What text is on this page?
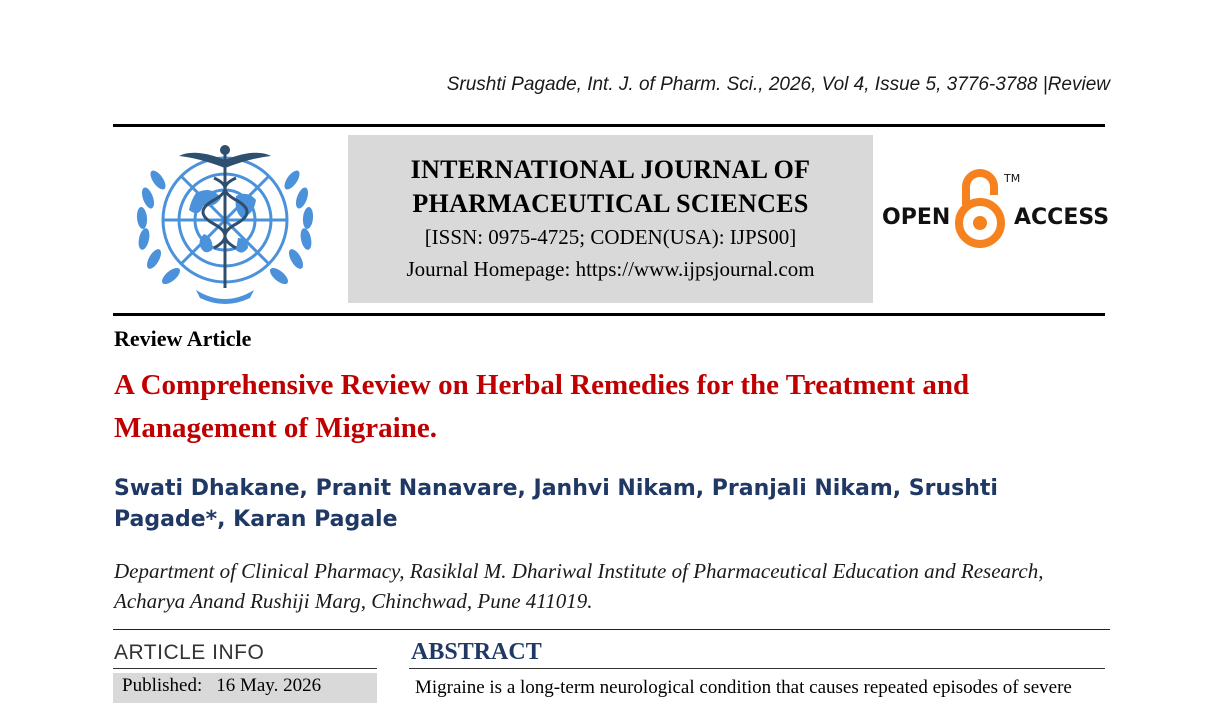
Srushti Pagade, Int. J. of Pharm. Sci., 2026, Vol 4, Issue 5, 3776-3788 |Review
INTERNATIONAL JOURNAL OF
PHARMACEUTICAL SCIENCES
[ISSN: 0975-4725; CODEN(USA): IJPS00]
Journal Homepage: https://www.ijpsjournal.com
OPEN	ACCESS
TM
Review Article
A Comprehensive Review on Herbal Remedies for the Treatment and Management of Migraine.
Swati Dhakane, Pranit Nanavare, Janhvi Nikam, Pranjali Nikam, Srushti Pagade*, Karan Pagale
Department of Clinical Pharmacy, Rasiklal M. Dhariwal Institute of Pharmaceutical Education and Research, Acharya Anand Rushiji Marg, Chinchwad, Pune 411019.
ARTICLE INFO
Published: 16 May. 2026
ABSTRACT
Migraine is a long-term neurological condition that causes repeated episodes of severe
